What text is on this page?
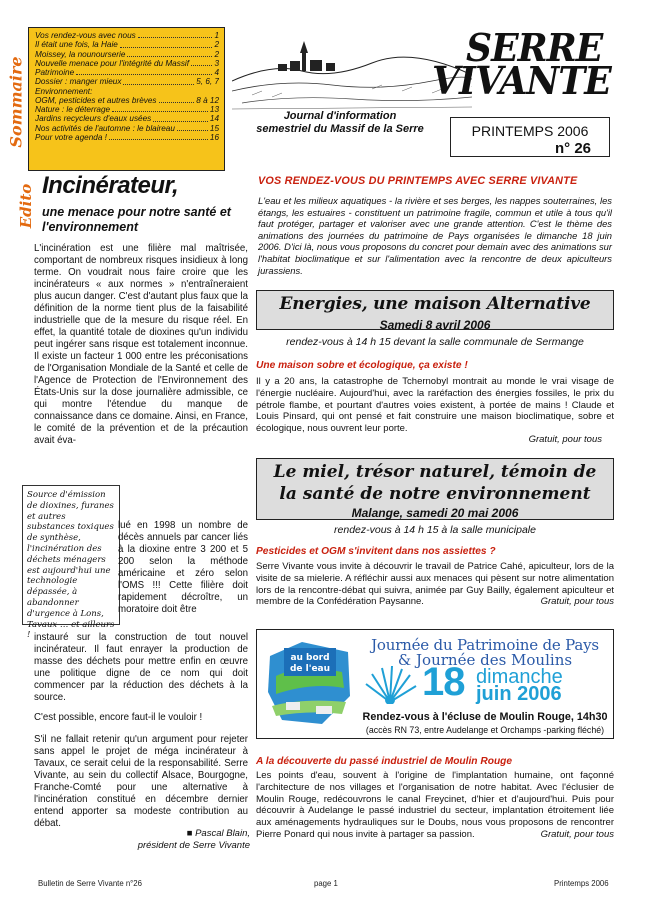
Sommaire
Vos rendez-vous avec nous	1
Il était une fois, la Haie	2
Moissey, la nounourserie	2
Nouvelle menace pour l'intégrité du Massif	3
Patrimoine	4
Dossier : manger mieux	5, 6, 7
Environnement:
OGM, pesticides et autres brèves	8 à 12
Nature : le déterrage	13
Jardins recycleurs d'eaux usées	14
Nos activités de l'automne : le blaireau	15
Pour votre agenda !	16
SERRE
VIVANTE
Journal d'information
semestriel du Massif de la Serre	PRINTEMPS 2006
n° 26
Edito Incinérateur,
une menace pour notre santé et l'environnement
L'incinération est une filière mal maîtrisée, comportant de nombreux risques insidieux à long terme. On voudrait nous faire croire que les incinérateurs « aux normes » n'entraîneraient plus aucun danger. C'est d'autant plus faux que la définition de la norme tient plus de la faisabilité industrielle que de la mesure du risque réel. En effet, la quantité totale de dioxines qu'un individu peut ingérer sans risque est totalement inconnue. Il existe un facteur 1 000 entre les préconisations de l'Organisation Mondiale de la Santé et celle de l'Agence de Protection de l'Environnement des États-Unis sur la dose journalière admissible, ce qui montre l'étendue du manque de connaissance dans ce domaine. Ainsi, en France, le comité de la prévention et de la précaution avait éva-
Source d'émission de dioxines, furanes et autres substances toxiques de synthèse, l'incinération des déchets ménagers est aujourd'hui une technologie dépassée, à abandonner d'urgence à Lons, Tavaux … et ailleurs !
lué en 1998 un nombre de décès annuels par cancer liés à la dioxine entre 3 200 et 5 200 selon la méthode américaine et zéro selon l'OMS !!! Cette filière doit rapidement décroître, un moratoire doit être
instauré sur la construction de tout nouvel incinérateur. Il faut enrayer la production de masse des déchets pour mettre enfin en œuvre une politique digne de ce nom qui doit commencer par la réduction des déchets à la source.
C'est possible, encore faut-il le vouloir !
S'il ne fallait retenir qu'un argument pour rejeter sans appel le projet de méga incinérateur à Tavaux, ce serait celui de la responsabilité. Serre Vivante, au sein du collectif Alsace, Bourgogne, Franche-Comté pour une alternative à l'incinération constitué en décembre dernier entend apporter sa modeste contribution au débat.
■ Pascal Blain,
président de Serre Vivante
VOS RENDEZ-VOUS DU PRINTEMPS AVEC SERRE VIVANTE
L'eau et les milieux aquatiques - la rivière et ses berges, les nappes souterraines, les étangs, les estuaires - constituent un patrimoine fragile, commun et utile à tous qu'il faut protéger, partager et valoriser avec une grande attention. C'est le thème des animations des journées du patrimoine de Pays organisées le dimanche 18 juin 2006. D'ici là, nous vous proposons du concret pour demain avec des animations sur l'habitat bioclimatique et sur l'alimentation avec la rencontre de deux apiculteurs jurassiens.
Energies, une maison Alternative
Samedi 8 avril 2006
rendez-vous à 14 h 15 devant la salle communale de Sermange
Une maison sobre et écologique, ça existe !
Il y a 20 ans, la catastrophe de Tchernobyl montrait au monde le vrai visage de l'énergie nucléaire. Aujourd'hui, avec la raréfaction des énergies fossiles, le prix du pétrole flambe, et pourtant d'autres voies existent, à portée de mains ! Claude et Louis Pinsard, qui ont pensé et fait construire une maison bioclimatique, sobre et écologique, nous ouvrent leur porte.
Gratuit, pour tous
Le miel, trésor naturel, témoin de
la santé de notre environnement
Malange, samedi 20 mai 2006
rendez-vous à 14 h 15 à la salle municipale
Pesticides et OGM s'invitent dans nos assiettes ?
Serre Vivante vous invite à découvrir le travail de Patrice Cahé, apiculteur, lors de la visite de sa mielerie. A réfléchir aussi aux menaces qui pèsent sur notre alimentation lors de la rencontre-débat qui suivra, animée par Guy Bailly, également apiculteur et membre de la Confédération Paysanne.	Gratuit, pour tous
au bord
de l'eau
Journée du Patrimoine de Pays
& Journée des Moulins
18 dimanche
juin 2006
Rendez-vous à l'écluse de Moulin Rouge, 14h30
(accès RN 73, entre Audelange et Orchamps -parking fléché)
A la découverte du passé industriel de Moulin Rouge
Les points d'eau, souvent à l'origine de l'implantation humaine, ont façonné l'architecture de nos villages et l'organisation de notre habitat. Avec l'éclusier de Moulin Rouge, redécouvrons le canal Freycinet, d'hier et d'aujourd'hui. Puis pour découvrir à Audelange le passé industriel du secteur, implantation étroitement liée aux aménagements hydrauliques sur le Doubs, nous vous proposons de rencontrer Pierre Ponard qui nous invite à partager sa passion.	Gratuit, pour tous
Bulletin de Serre Vivante n°26	page 1	Printemps 2006
